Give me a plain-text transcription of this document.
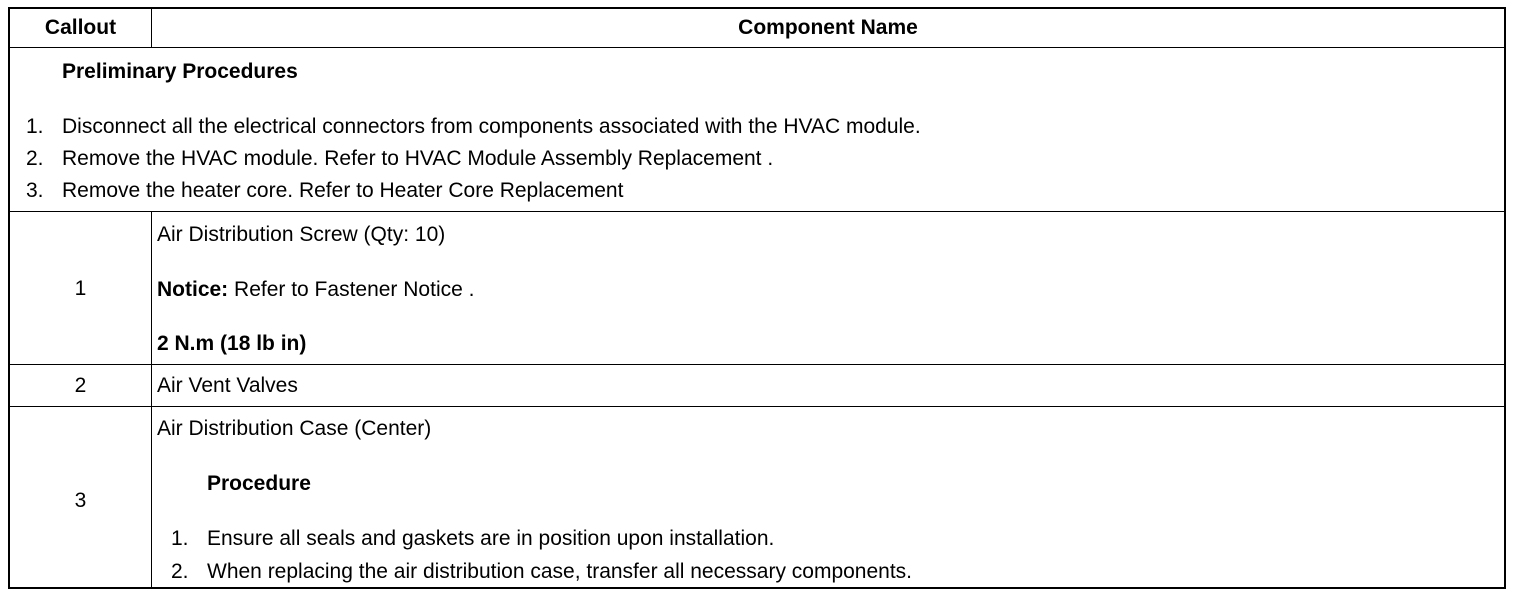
Callout	Component Name
Preliminary Procedures
1. Disconnect all the electrical connectors from components associated with the HVAC module.
2. Remove the HVAC module. Refer to HVAC Module Assembly Replacement .
3. Remove the heater core. Refer to Heater Core Replacement
1
Air Distribution Screw (Qty: 10)
Notice: Refer to Fastener Notice .
2 N.m (18 lb in)
2	Air Vent Valves
3
Air Distribution Case (Center)
Procedure
1. Ensure all seals and gaskets are in position upon installation.
2. When replacing the air distribution case, transfer all necessary components.
